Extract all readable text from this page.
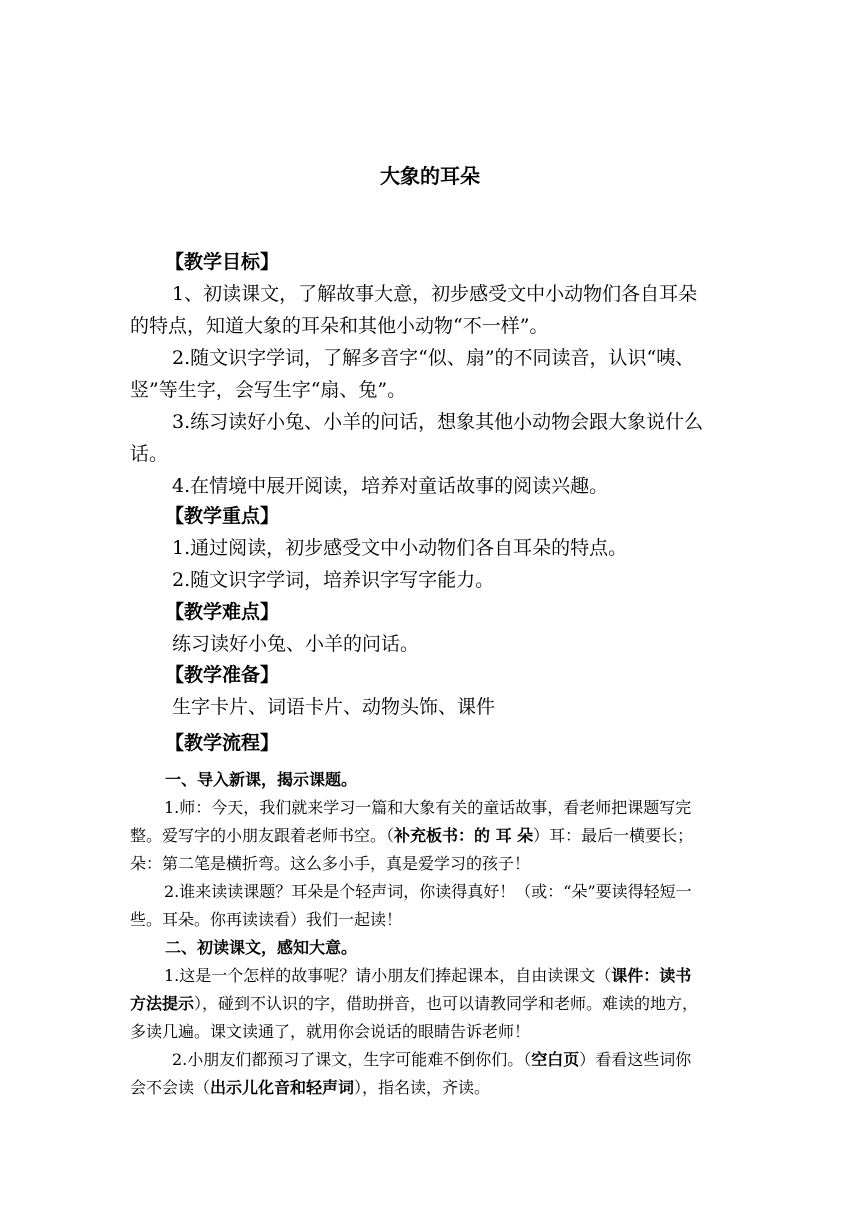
大象的耳朵
【教学目标】
1、初读课文，了解故事大意，初步感受文中小动物们各自耳朵
的特点，知道大象的耳朵和其他小动物“不一样”。
2.随文识字学词，了解多音字“似、扇”的不同读音，认识“咦、
竖”等生字，会写生字“扇、兔”。
3.练习读好小兔、小羊的问话，想象其他小动物会跟大象说什么
话。
4.在情境中展开阅读，培养对童话故事的阅读兴趣。
【教学重点】
1.通过阅读，初步感受文中小动物们各自耳朵的特点。
2.随文识字学词，培养识字写字能力。
【教学难点】
练习读好小兔、小羊的问话。
【教学准备】
生字卡片、词语卡片、动物头饰、课件
【教学流程】
一、导入新课，揭示课题。
1.师：今天，我们就来学习一篇和大象有关的童话故事，看老师把课题写完
整。爱写字的小朋友跟着老师书空。（补充板书：的 耳 朵）耳：最后一横要长；
朵：第二笔是横折弯。这么多小手，真是爱学习的孩子！
2.谁来读读课题？耳朵是个轻声词，你读得真好！（或：“朵”要读得轻短一
些。耳朵。你再读读看）我们一起读！
二、初读课文，感知大意。
1.这是一个怎样的故事呢？请小朋友们捧起课本，自由读课文（课件：读书
方法提示），碰到不认识的字，借助拼音，也可以请教同学和老师。难读的地方，
多读几遍。课文读通了，就用你会说话的眼睛告诉老师！
2.小朋友们都预习了课文，生字可能难不倒你们。（空白页）看看这些词你
会不会读（出示儿化音和轻声词），指名读，齐读。
